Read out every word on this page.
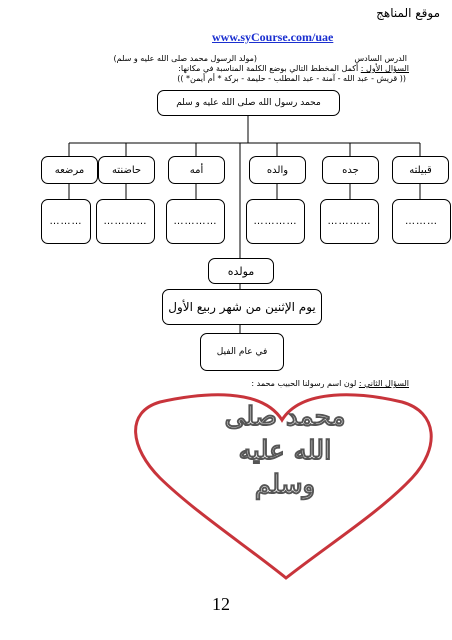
موقع المناهج
www.syCourse.com/uae
الدرس السادس
(مولد الرسول محمد صلى الله عليه و سلم)
السؤال الأول : أكمل المخطط التالي بوضع الكلمة المناسبة في مكانها:
(( قريش - عبد الله - آمنة - عبد المطلب - حليمة - بركة * أم أيمن* ))
محمد رسول الله صلى الله عليه و سلم
قبيلته
جده
والده
أمه
حاضنته
مرضعه
………
…………
…………
…………
…………
………
مولده
يوم الإثنين من شهر ربيع الأول
في عام الفيل
السؤال الثاني : لون اسم رسولنا الحبيب محمد :
محمد صلى
الله عليه
وسلم
12
